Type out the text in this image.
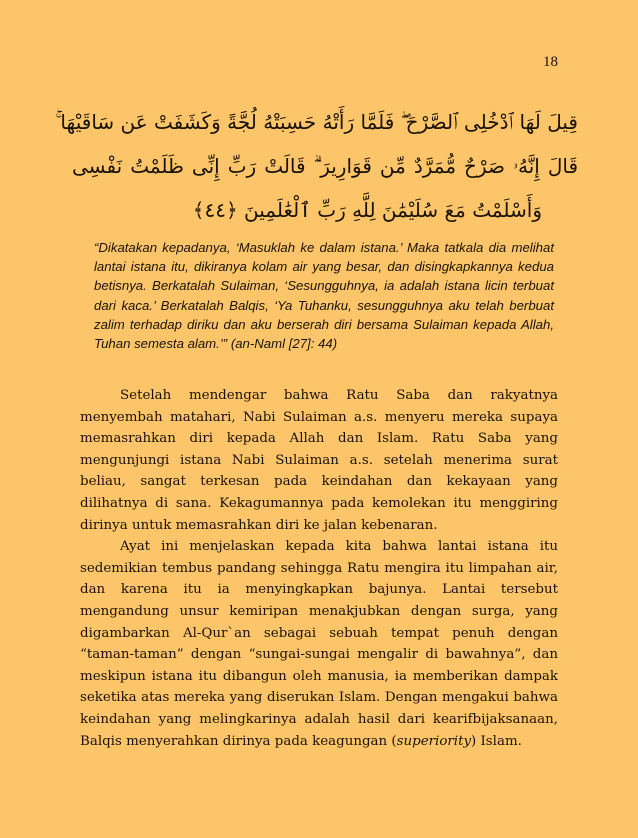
18
قِيلَ لَهَا ٱدْخُلِى ٱلصَّرْحَ ۖ فَلَمَّا رَأَتْهُ حَسِبَتْهُ لُجَّةً وَكَشَفَتْ عَن سَاقَيْهَا ۚ
قَالَ إِنَّهُۥ صَرْحٌ مُّمَرَّدٌ مِّن قَوَارِيرَ ۗ قَالَتْ رَبِّ إِنِّى ظَلَمْتُ نَفْسِى
وَأَسْلَمْتُ مَعَ سُلَيْمَٰنَ لِلَّهِ رَبِّ ٱلْعَٰلَمِينَ ﴿٤٤﴾
“Dikatakan kepadanya, ‘Masuklah ke dalam istana.’ Maka tatkala dia melihat lantai istana itu, dikiranya kolam air yang besar, dan disingkapkannya kedua betisnya. Berkatalah Sulaiman, ‘Sesungguhnya, ia adalah istana licin terbuat dari kaca.’ Berkatalah Balqis, ‘Ya Tuhanku, sesungguhnya aku telah berbuat zalim terhadap diriku dan aku berserah diri bersama Sulaiman kepada Allah, Tuhan semesta alam.’” (an-Naml [27]: 44)

Setelah mendengar bahwa Ratu Saba dan rakyatnya menyembah matahari, Nabi Sulaiman a.s. menyeru mereka supaya memasrahkan diri kepada Allah dan Islam. Ratu Saba yang mengunjungi istana Nabi Sulaiman a.s. setelah menerima surat beliau, sangat terkesan pada keindahan dan kekayaan yang dilihatnya di sana. Kekagumannya pada kemolekan itu menggiring dirinya untuk memasrahkan diri ke jalan kebenaran.

Ayat ini menjelaskan kepada kita bahwa lantai istana itu sedemikian tembus pandang sehingga Ratu mengira itu limpahan air, dan karena itu ia menyingkapkan bajunya. Lantai tersebut mengandung unsur kemiripan menakjubkan dengan surga, yang digambarkan Al-Qur`an sebagai sebuah tempat penuh dengan “taman-taman” dengan “sungai-sungai mengalir di bawahnya”, dan meskipun istana itu dibangun oleh manusia, ia memberikan dampak seketika atas mereka yang diserukan Islam. Dengan mengakui bahwa keindahan yang melingkarinya adalah hasil dari kearifbijaksanaan, Balqis menyerahkan dirinya pada keagungan (superiority) Islam.
